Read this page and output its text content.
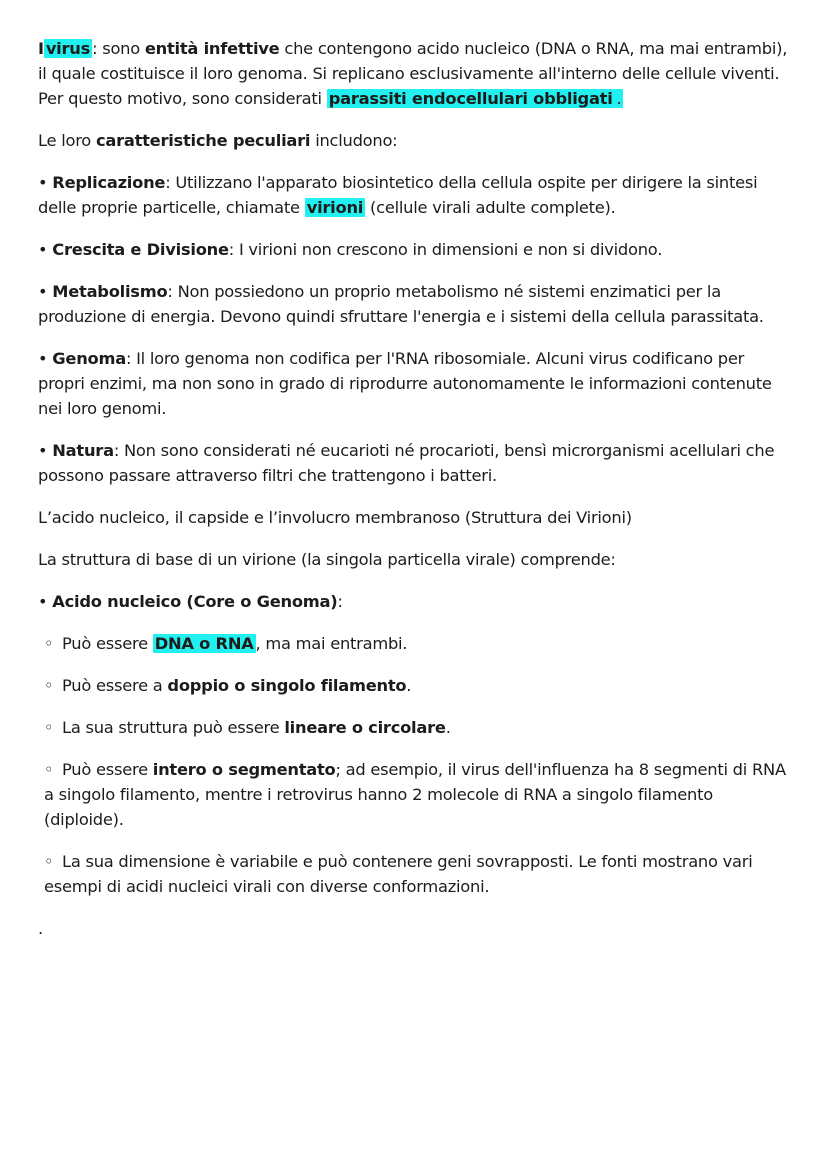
I virus : sono entità infettive che contengono acido nucleico (DNA o RNA, ma mai entrambi), il quale costituisce il loro genoma. Si replicano esclusivamente all'interno delle cellule viventi. Per questo motivo, sono considerati parassiti endocellulari obbligati .

Le loro caratteristiche peculiari includono:

• Replicazione: Utilizzano l'apparato biosintetico della cellula ospite per dirigere la sintesi delle proprie particelle, chiamate virioni (cellule virali adulte complete).

• Crescita e Divisione: I virioni non crescono in dimensioni e non si dividono.

• Metabolismo: Non possiedono un proprio metabolismo né sistemi enzimatici per la produzione di energia. Devono quindi sfruttare l'energia e i sistemi della cellula parassitata.

• Genoma: Il loro genoma non codifica per l'RNA ribosomiale. Alcuni virus codificano per propri enzimi, ma non sono in grado di riprodurre autonomamente le informazioni contenute nei loro genomi.

• Natura: Non sono considerati né eucarioti né procarioti, bensì microrganismi acellulari che possono passare attraverso filtri che trattengono i batteri.

L’acido nucleico, il capside e l’involucro membranoso (Struttura dei Virioni)

La struttura di base di un virione (la singola particella virale) comprende:

• Acido nucleico (Core o Genoma):

◦ Può essere DNA o RNA , ma mai entrambi.

◦ Può essere a doppio o singolo filamento.

◦ La sua struttura può essere lineare o circolare.

◦ Può essere intero o segmentato; ad esempio, il virus dell'influenza ha 8 segmenti di RNA a singolo filamento, mentre i retrovirus hanno 2 molecole di RNA a singolo filamento (diploide).

◦ La sua dimensione è variabile e può contenere geni sovrapposti. Le fonti mostrano vari esempi di acidi nucleici virali con diverse conformazioni.

.
